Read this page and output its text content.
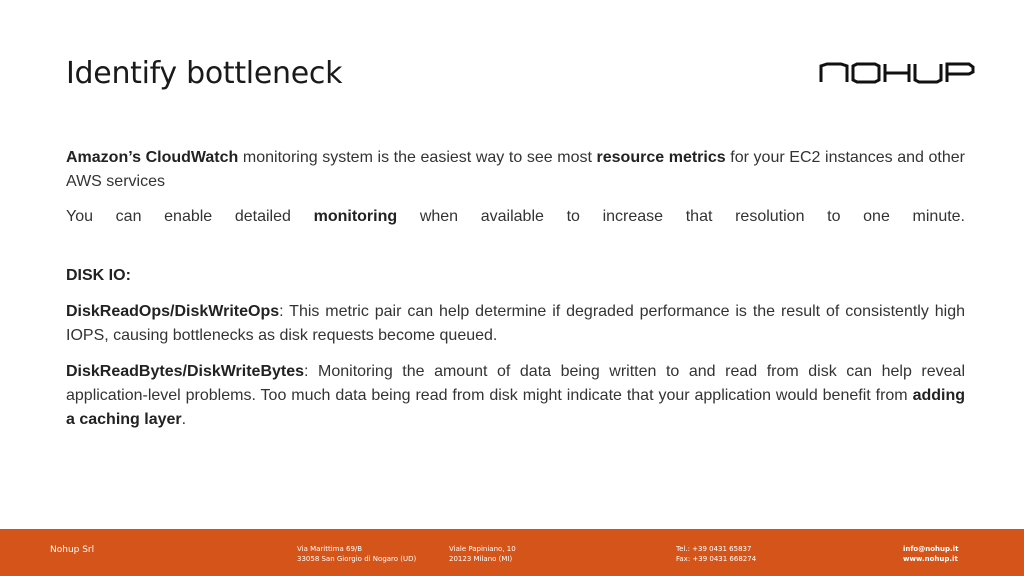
Identify bottleneck

Amazon’s CloudWatch monitoring system is the easiest way to see most resource metrics for your EC2 instances and other AWS services

You can enable detailed monitoring when available to increase that resolution to one minute.

DISK IO:

DiskReadOps/DiskWriteOps: This metric pair can help determine if degraded performance is the result of consistently high IOPS, causing bottlenecks as disk requests become queued.

DiskReadBytes/DiskWriteBytes: Monitoring the amount of data being written to and read from disk can help reveal application-level problems. Too much data being read from disk might indicate that your application would benefit from adding a caching layer.

Nohup Srl	Via Marittima 69/B
33058 San Giorgio di Nogaro (UD)
Viale Papiniano, 10
20123 Milano (MI)
Tel.: +39 0431 65837
Fax: +39 0431 668274
info@nohup.it
www.nohup.it
